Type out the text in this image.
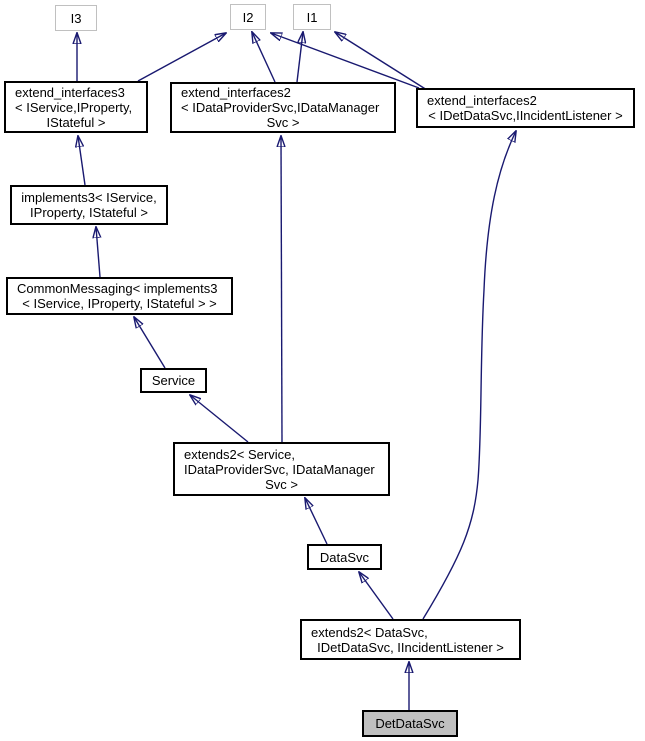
I3	I2	I1
extend_interfaces3
< IService,IProperty,
IStateful >
extend_interfaces2
< IDataProviderSvc,IDataManager
Svc >
extend_interfaces2
< IDetDataSvc,IIncidentListener >
implements3< IService,
IProperty, IStateful >
CommonMessaging< implements3
< IService, IProperty, IStateful > >
Service
extends2< Service,
IDataProviderSvc, IDataManager
Svc >
DataSvc
extends2< DataSvc,
IDetDataSvc, IIncidentListener >
DetDataSvc
